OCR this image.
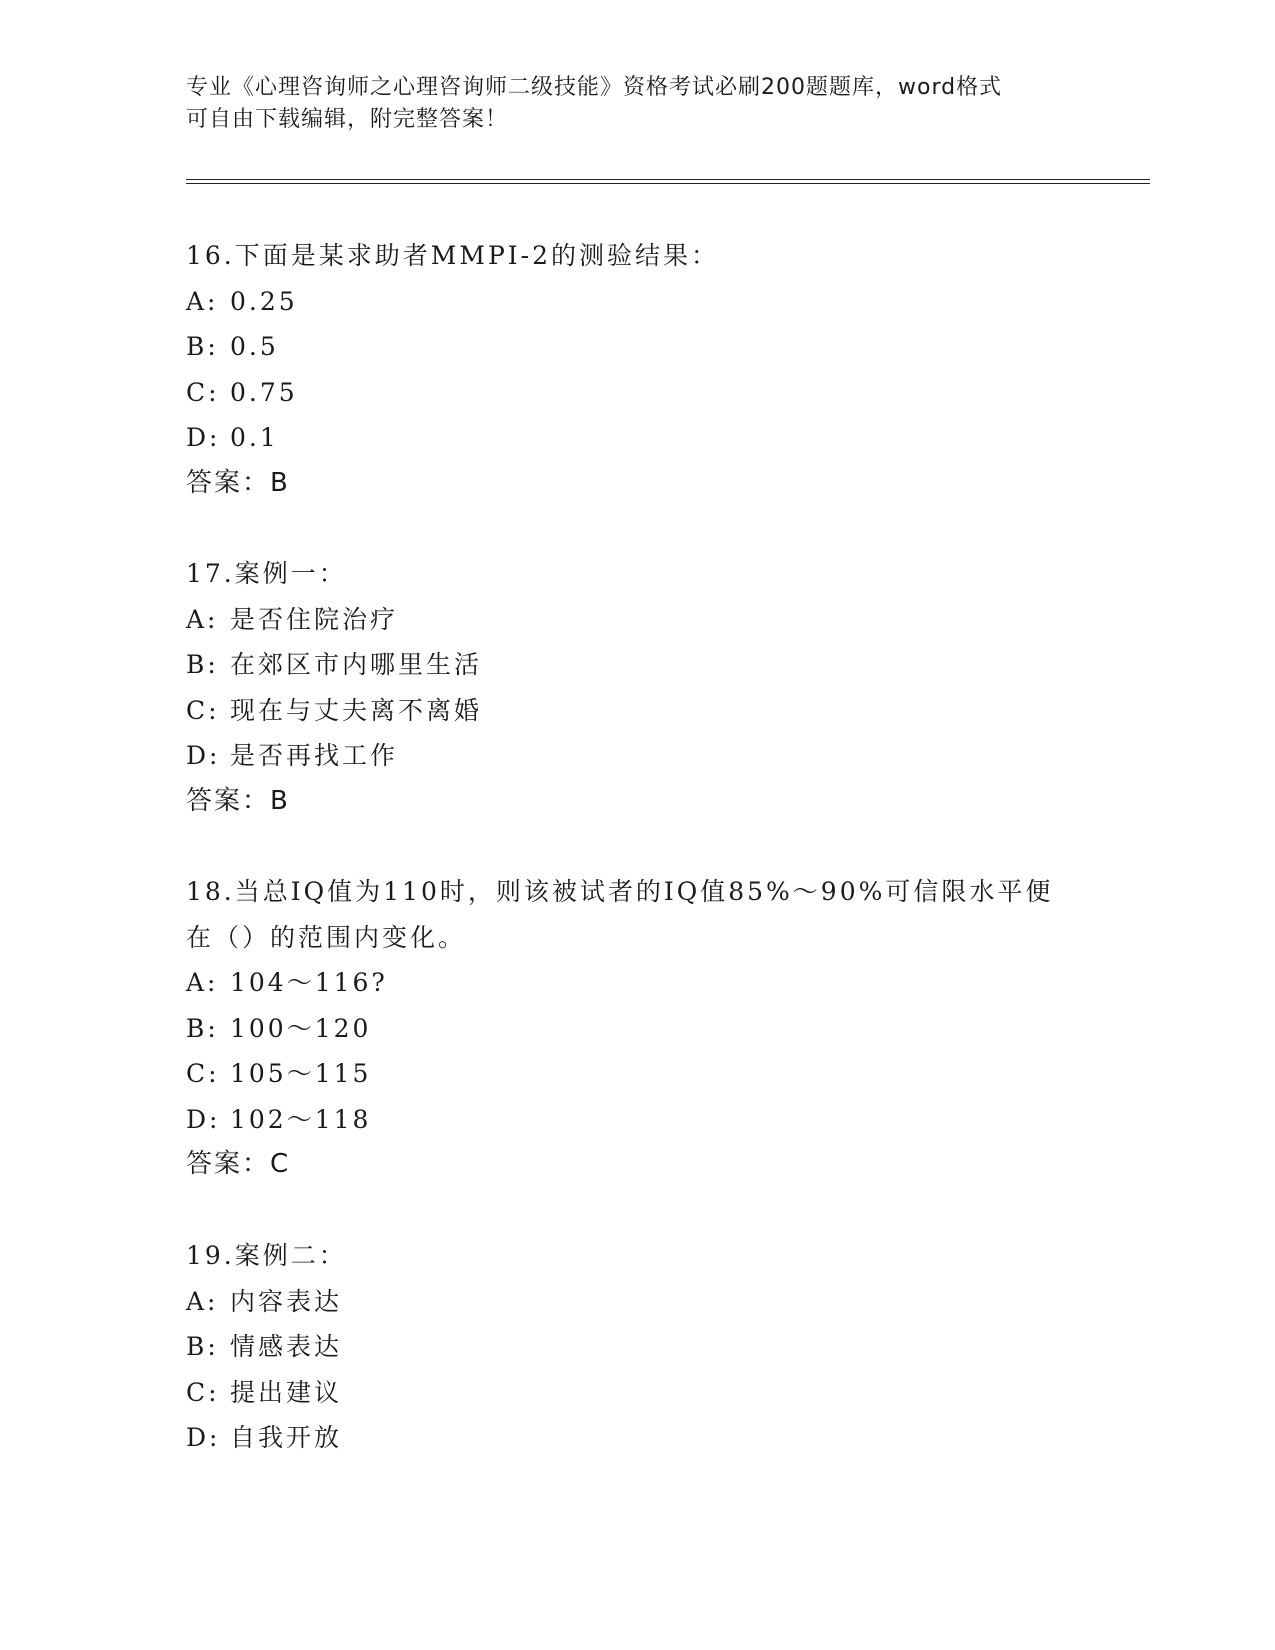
专业《心理咨询师之心理咨询师二级技能》资格考试必刷200题题库，word格式
可自由下载编辑，附完整答案！
16.下面是某求助者MMPI-2的测验结果：
A: 0.25
B: 0.5
C: 0.75
D: 0.1
答案：B
17.案例一：
A: 是否住院治疗
B: 在郊区市内哪里生活
C: 现在与丈夫离不离婚
D: 是否再找工作
答案：B
18.当总IQ值为110时，则该被试者的IQ值85%～90%可信限水平便
在（）的范围内变化。
A: 104～116?
B: 100～120
C: 105～115
D: 102～118
答案：C
19.案例二：
A: 内容表达
B: 情感表达
C: 提出建议
D: 自我开放
